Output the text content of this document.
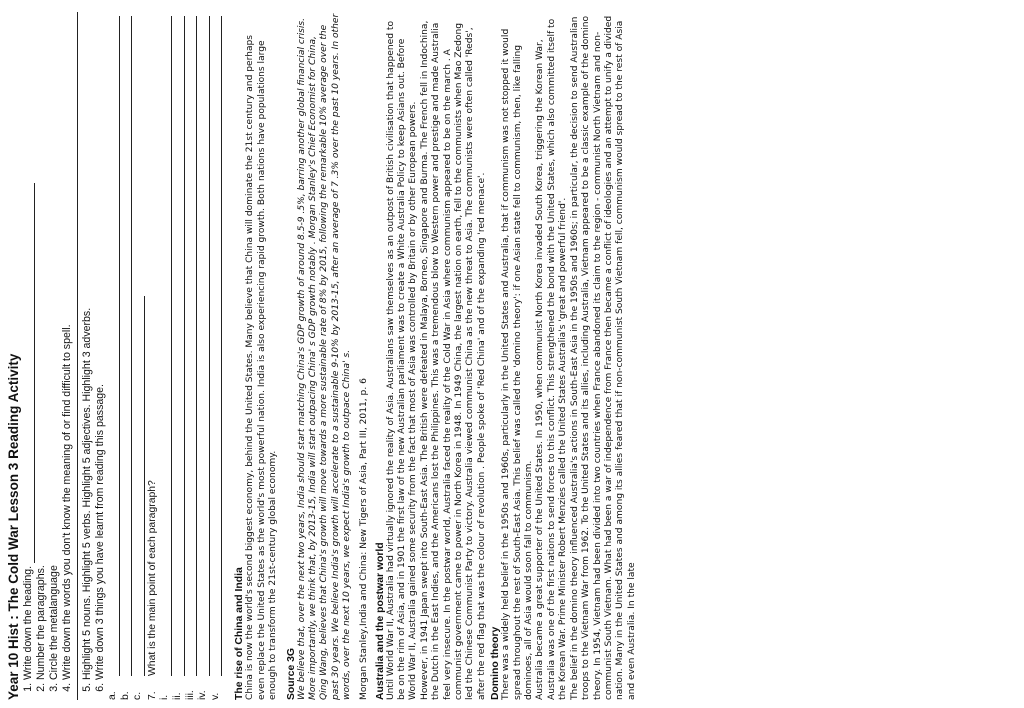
Year 10 Hist : The Cold War Lesson 3 Reading Activity 1. Write down the heading. 2. Number the paragraphs. 3. Circle the metalanguage 4. Write down the words you don't know the meaning of or find difficult to spell. 5. Highlight 5 nouns. Highlight 5 verbs. Highlight 5 adjectives. Highlight 3 adverbs. 6. Write down 3 things you have learnt from reading this passage.
a. b. c. 7.
What is the main point of each paragraph?
i. ii. iii. iv. v. The rise of China and India China is now the world's second biggest economy, behind the United States. Many believe that China will dominate the 21st century and perhaps even replace the United States as the world's most powerful nation. India is also experiencing rapid growth. Both nations have populations large enough to transform the 21st-century global economy. Source 3G We believe that, over the next two years, India should start matching China's GDP growth of around 8.5-9 .5%, barring another global financial crisis. More importantly, we think that, by 2013-15, India will start outpacing China' s GDP growth notably . Morgan Stanley's Chief Economist for China, Qing Wang, believes that China's growth will move towards a more sustainable rate of 8% by 2015, following the remarkable 10% average over the past 30 years. We believe India's growth will accelerate to a sustainable 9-10% by 2013-15, after an average of 7 .3% over the past 10 years. In other words, over the next 10 years, we expect India's growth to outpace China' s. Morgan Stanley,India and China: New Tigers of Asia, Part III, 2011, p. 6 Australia and the postwar world Until World War II, Australia had virtually ignored the reality of Asia. Australians saw themselves as an outpost of British civilisation that happened to be on the rim of Asia, and in 1901 the first law of the new Australian parliament was to create a White Australia Policy to keep Asians out. Before World War II, Australia gained some security from the fact that most of Asia was controlled by Britain or by other European powers. However, in 1941 Japan swept into South-East Asia. The British were defeated in Malaya, Borneo, Singapore and Burma. The French fell in Indochina, the Dutch in the East Indies, and the Americans lost the Philippines. This was a tremendous blow to Western power and prestige and made Australia feel very insecure. In the postwar world, Australia faced the reality of the Cold War in Asia where communism appeared to be on the march . A communist government came to power in North Korea in 1948. In 1949 China, the largest nation on earth, fell to the communists when Mao Zedong led the Chinese Communist Party to victory. Australia viewed communist China as the new threat to Asia. The communists were often called 'Reds', after the red flag that was the colour of revolution . People spoke of 'Red China' and of the expanding 'red menace'. Domino theory There was a widely held belief in the 1950s and 1960s, particularly in the United States and Australia, that if communism was not stopped it would spread throughout the rest of South-East Asia. This belief was called the 'domino theory': if one Asian state fell to communism, then, like falling dominoes, all of Asia would soon fall to communism. Australia became a great supporter of the United States. In 1950, when communist North Korea invaded South Korea, triggering the Korean War, Australia was one of the first nations to send forces to this conflict. This strengthened the bond with the United States, which also committed itself to the Korean War. Prime Minister Robert Menzies called the United States Australia's 'great and powerful friend'. The belief in the domino theory influenced Australia's actions in South-East Asia in the 1950s and 1960s; in particular, the decision to send Australian troops to the Vietnam War from 1962. To the United States and its allies, including Australia, Vietnam appeared to be a classic example of the domino theory. In 1954, Vietnam had been divided into two countries when France abandoned its claim to the region - communist North Vietnam and non-communist South Vietnam. What had been a war of independence from France then became a conflict of ideologies and an attempt to unify a divided nation. Many in the United States and among its allies feared that if non-communist South Vietnam fell, communism would spread to the rest of Asia and even Australia. In the late
